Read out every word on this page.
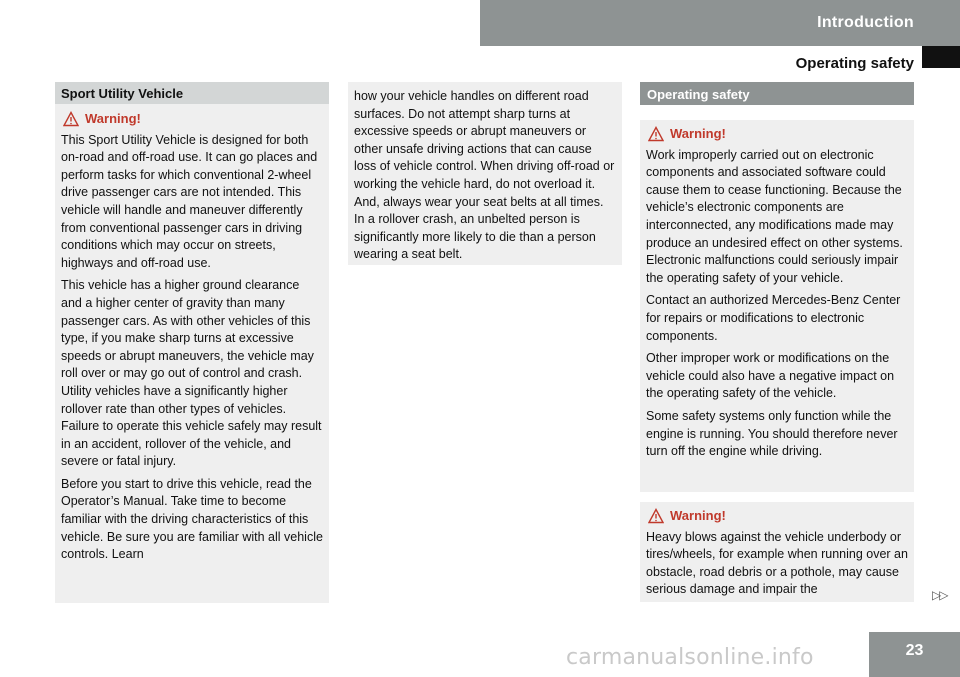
Introduction
Operating safety
Sport Utility Vehicle
Warning!

This Sport Utility Vehicle is designed for both on-road and off-road use. It can go places and perform tasks for which conventional 2-wheel drive passenger cars are not intended. This vehicle will handle and maneuver differently from conventional passenger cars in driving conditions which may occur on streets, highways and off-road use.

This vehicle has a higher ground clearance and a higher center of gravity than many passenger cars. As with other vehicles of this type, if you make sharp turns at excessive speeds or abrupt maneuvers, the vehicle may roll over or may go out of control and crash. Utility vehicles have a significantly higher rollover rate than other types of vehicles. Failure to operate this vehicle safely may result in an accident, rollover of the vehicle, and severe or fatal injury.

Before you start to drive this vehicle, read the Operator’s Manual. Take time to become familiar with the driving characteristics of this vehicle. Be sure you are familiar with all vehicle controls. Learn

how your vehicle handles on different road surfaces. Do not attempt sharp turns at excessive speeds or abrupt maneuvers or other unsafe driving actions that can cause loss of vehicle control. When driving off-road or working the vehicle hard, do not overload it. And, always wear your seat belts at all times. In a rollover crash, an unbelted person is significantly more likely to die than a person wearing a seat belt.

Operating safety
Warning!

Work improperly carried out on electronic components and associated software could cause them to cease functioning. Because the vehicle’s electronic components are interconnected, any modifications made may produce an undesired effect on other systems. Electronic malfunctions could seriously impair the operating safety of your vehicle.

Contact an authorized Mercedes-Benz Center for repairs or modifications to electronic components.

Other improper work or modifications on the vehicle could also have a negative impact on the operating safety of the vehicle.

Some safety systems only function while the engine is running. You should therefore never turn off the engine while driving.

Warning!

Heavy blows against the vehicle underbody or tires/wheels, for example when running over an obstacle, road debris or a pothole, may cause serious damage and impair the	▷▷
23
carmanualsonline.info
